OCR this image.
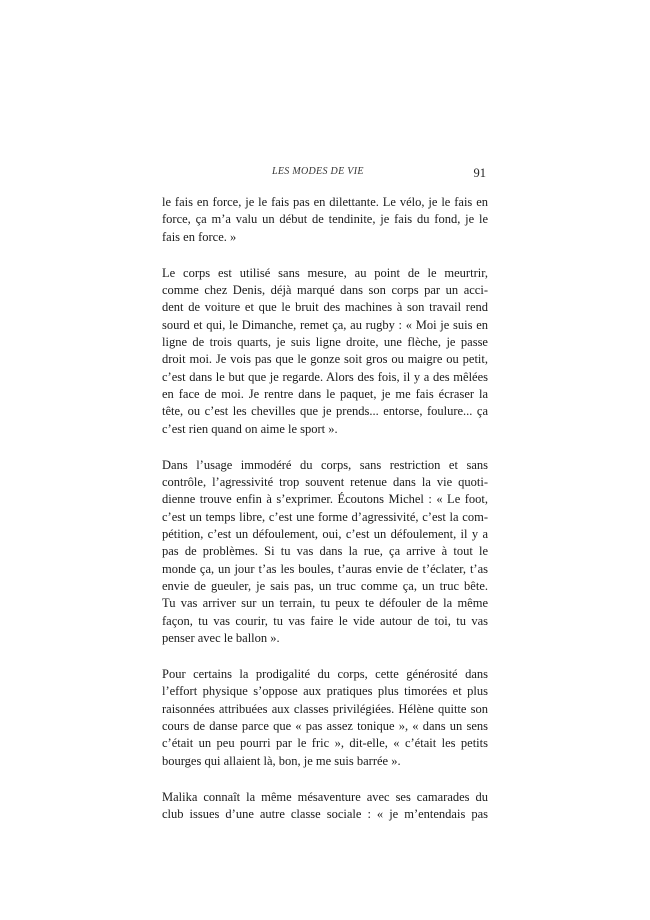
LES MODES DE VIE	91

le fais en force, je le fais pas en dilettante. Le vélo, je le fais en
force, ça m’a valu un début de tendinite, je fais du fond, je le
fais en force. »

Le corps est utilisé sans mesure, au point de le meurtrir,
comme chez Denis, déjà marqué dans son corps par un acci-
dent de voiture et que le bruit des machines à son travail rend
sourd et qui, le Dimanche, remet ça, au rugby : « Moi je suis en
ligne de trois quarts, je suis ligne droite, une flèche, je passe
droit moi. Je vois pas que le gonze soit gros ou maigre ou petit,
c’est dans le but que je regarde. Alors des fois, il y a des mêlées
en face de moi. Je rentre dans le paquet, je me fais écraser la
tête, ou c’est les chevilles que je prends... entorse, foulure... ça
c’est rien quand on aime le sport ».

Dans l’usage immodéré du corps, sans restriction et sans
contrôle, l’agressivité trop souvent retenue dans la vie quoti-
dienne trouve enfin à s’exprimer. Écoutons Michel : « Le foot,
c’est un temps libre, c’est une forme d’agressivité, c’est la com-
pétition, c’est un défoulement, oui, c’est un défoulement, il y a
pas de problèmes. Si tu vas dans la rue, ça arrive à tout le
monde ça, un jour t’as les boules, t’auras envie de t’éclater, t’as
envie de gueuler, je sais pas, un truc comme ça, un truc bête.
Tu vas arriver sur un terrain, tu peux te défouler de la même
façon, tu vas courir, tu vas faire le vide autour de toi, tu vas
penser avec le ballon ».

Pour certains la prodigalité du corps, cette générosité dans
l’effort physique s’oppose aux pratiques plus timorées et plus
raisonnées attribuées aux classes privilégiées. Hélène quitte son
cours de danse parce que « pas assez tonique », « dans un sens
c’était un peu pourri par le fric », dit-elle, « c’était les petits
bourges qui allaient là, bon, je me suis barrée ».

Malika connaît la même mésaventure avec ses camarades du
club issues d’une autre classe sociale : « je m’entendais pas
